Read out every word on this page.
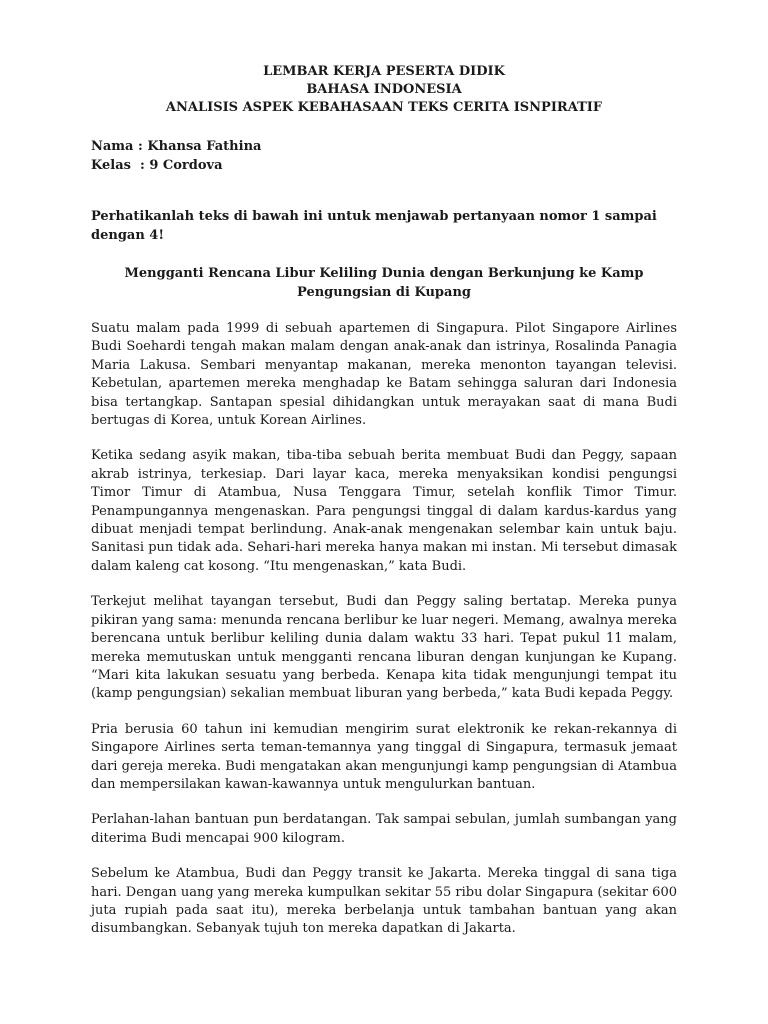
LEMBAR KERJA PESERTA DIDIK
BAHASA INDONESIA
ANALISIS ASPEK KEBAHASAAN TEKS CERITA ISNPIRATIF
Nama : Khansa Fathina
Kelas  : 9 Cordova
Perhatikanlah teks di bawah ini untuk menjawab pertanyaan nomor 1 sampai dengan 4!
Mengganti Rencana Libur Keliling Dunia dengan Berkunjung ke Kamp Pengungsian di Kupang
Suatu malam pada 1999 di sebuah apartemen di Singapura. Pilot Singapore Airlines Budi Soehardi tengah makan malam dengan anak-anak dan istrinya, Rosalinda Panagia Maria Lakusa. Sembari menyantap makanan, mereka menonton tayangan televisi. Kebetulan, apartemen mereka menghadap ke Batam sehingga saluran dari Indonesia bisa tertangkap. Santapan spesial dihidangkan untuk merayakan saat di mana Budi bertugas di Korea, untuk Korean Airlines.
Ketika sedang asyik makan, tiba-tiba sebuah berita membuat Budi dan Peggy, sapaan akrab istrinya, terkesiap. Dari layar kaca, mereka menyaksikan kondisi pengungsi Timor Timur di Atambua, Nusa Tenggara Timur, setelah konflik Timor Timur. Penampungannya mengenaskan. Para pengungsi tinggal di dalam kardus-kardus yang dibuat menjadi tempat berlindung. Anak-anak mengenakan selembar kain untuk baju. Sanitasi pun tidak ada. Sehari-hari mereka hanya makan mi instan. Mi tersebut dimasak dalam kaleng cat kosong. “Itu mengenaskan,” kata Budi.
Terkejut melihat tayangan tersebut, Budi dan Peggy saling bertatap. Mereka punya pikiran yang sama: menunda rencana berlibur ke luar negeri. Memang, awalnya mereka berencana untuk berlibur keliling dunia dalam waktu 33 hari. Tepat pukul 11 malam, mereka memutuskan untuk mengganti rencana liburan dengan kunjungan ke Kupang. “Mari kita lakukan sesuatu yang berbeda. Kenapa kita tidak mengunjungi tempat itu (kamp pengungsian) sekalian membuat liburan yang berbeda,” kata Budi kepada Peggy.
Pria berusia 60 tahun ini kemudian mengirim surat elektronik ke rekan-rekannya di Singapore Airlines serta teman-temannya yang tinggal di Singapura, termasuk jemaat dari gereja mereka. Budi mengatakan akan mengunjungi kamp pengungsian di Atambua dan mempersilakan kawan-kawannya untuk mengulurkan bantuan.
Perlahan-lahan bantuan pun berdatangan. Tak sampai sebulan, jumlah sumbangan yang diterima Budi mencapai 900 kilogram.
Sebelum ke Atambua, Budi dan Peggy transit ke Jakarta. Mereka tinggal di sana tiga hari. Dengan uang yang mereka kumpulkan sekitar 55 ribu dolar Singapura (sekitar 600 juta rupiah pada saat itu), mereka berbelanja untuk tambahan bantuan yang akan disumbangkan. Sebanyak tujuh ton mereka dapatkan di Jakarta.
